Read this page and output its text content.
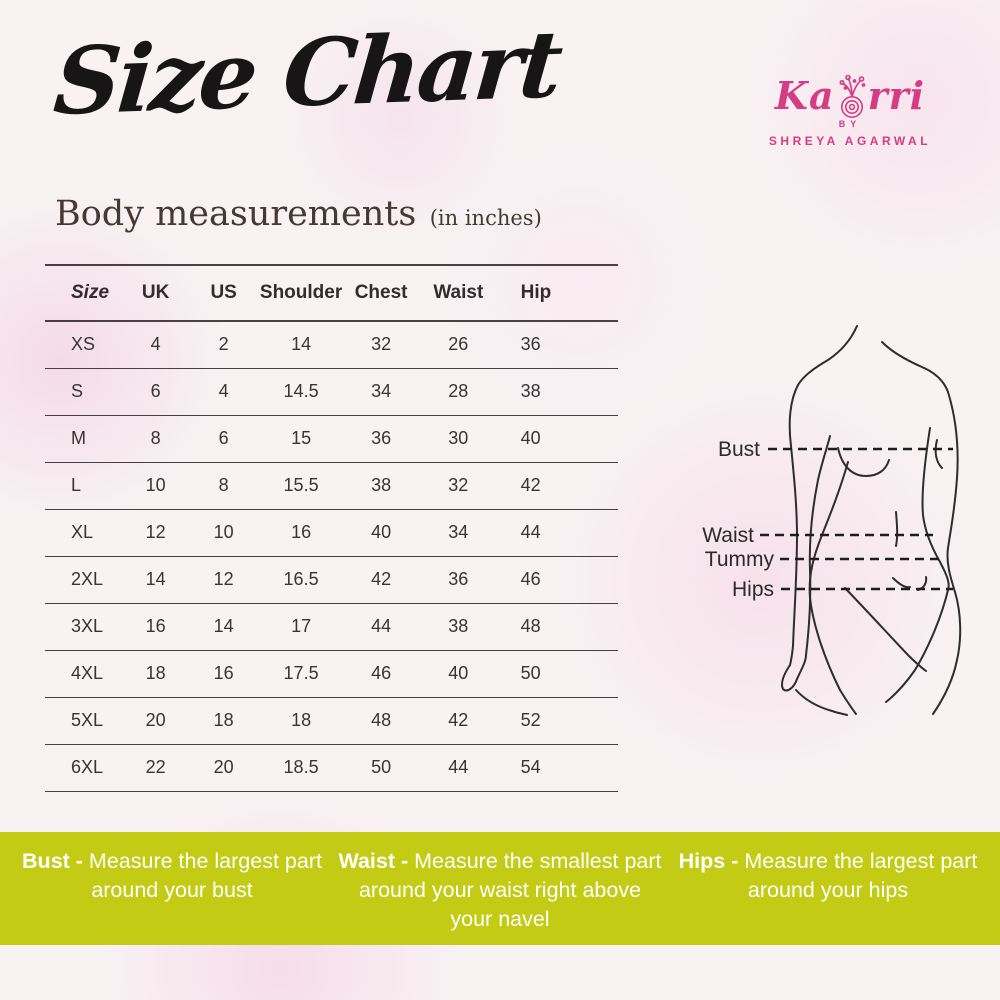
Size Chart	Ka rri
BY
SHREYA AGARWAL
Body measurements (in inches)
Size	UK	US	Shoulder	Chest	Waist	Hip
XS	4	2	14	32	26	36
S	6	4	14.5	34	28	38
M	8	6	15	36	30	40
L	10	8	15.5	38	32	42
XL	12	10	16	40	34	44
2XL	14	12	16.5	42	36	46
3XL	16	14	17	44	38	48
4XL	18	16	17.5	46	40	50
5XL	20	18	18	48	42	52
6XL	22	20	18.5	50	44	54
Bust
Waist
Tummy
Hips

Bust - Measure the largest part around your bust

Waist - Measure the smallest part around your waist right above your navel

Hips - Measure the largest part around your hips
